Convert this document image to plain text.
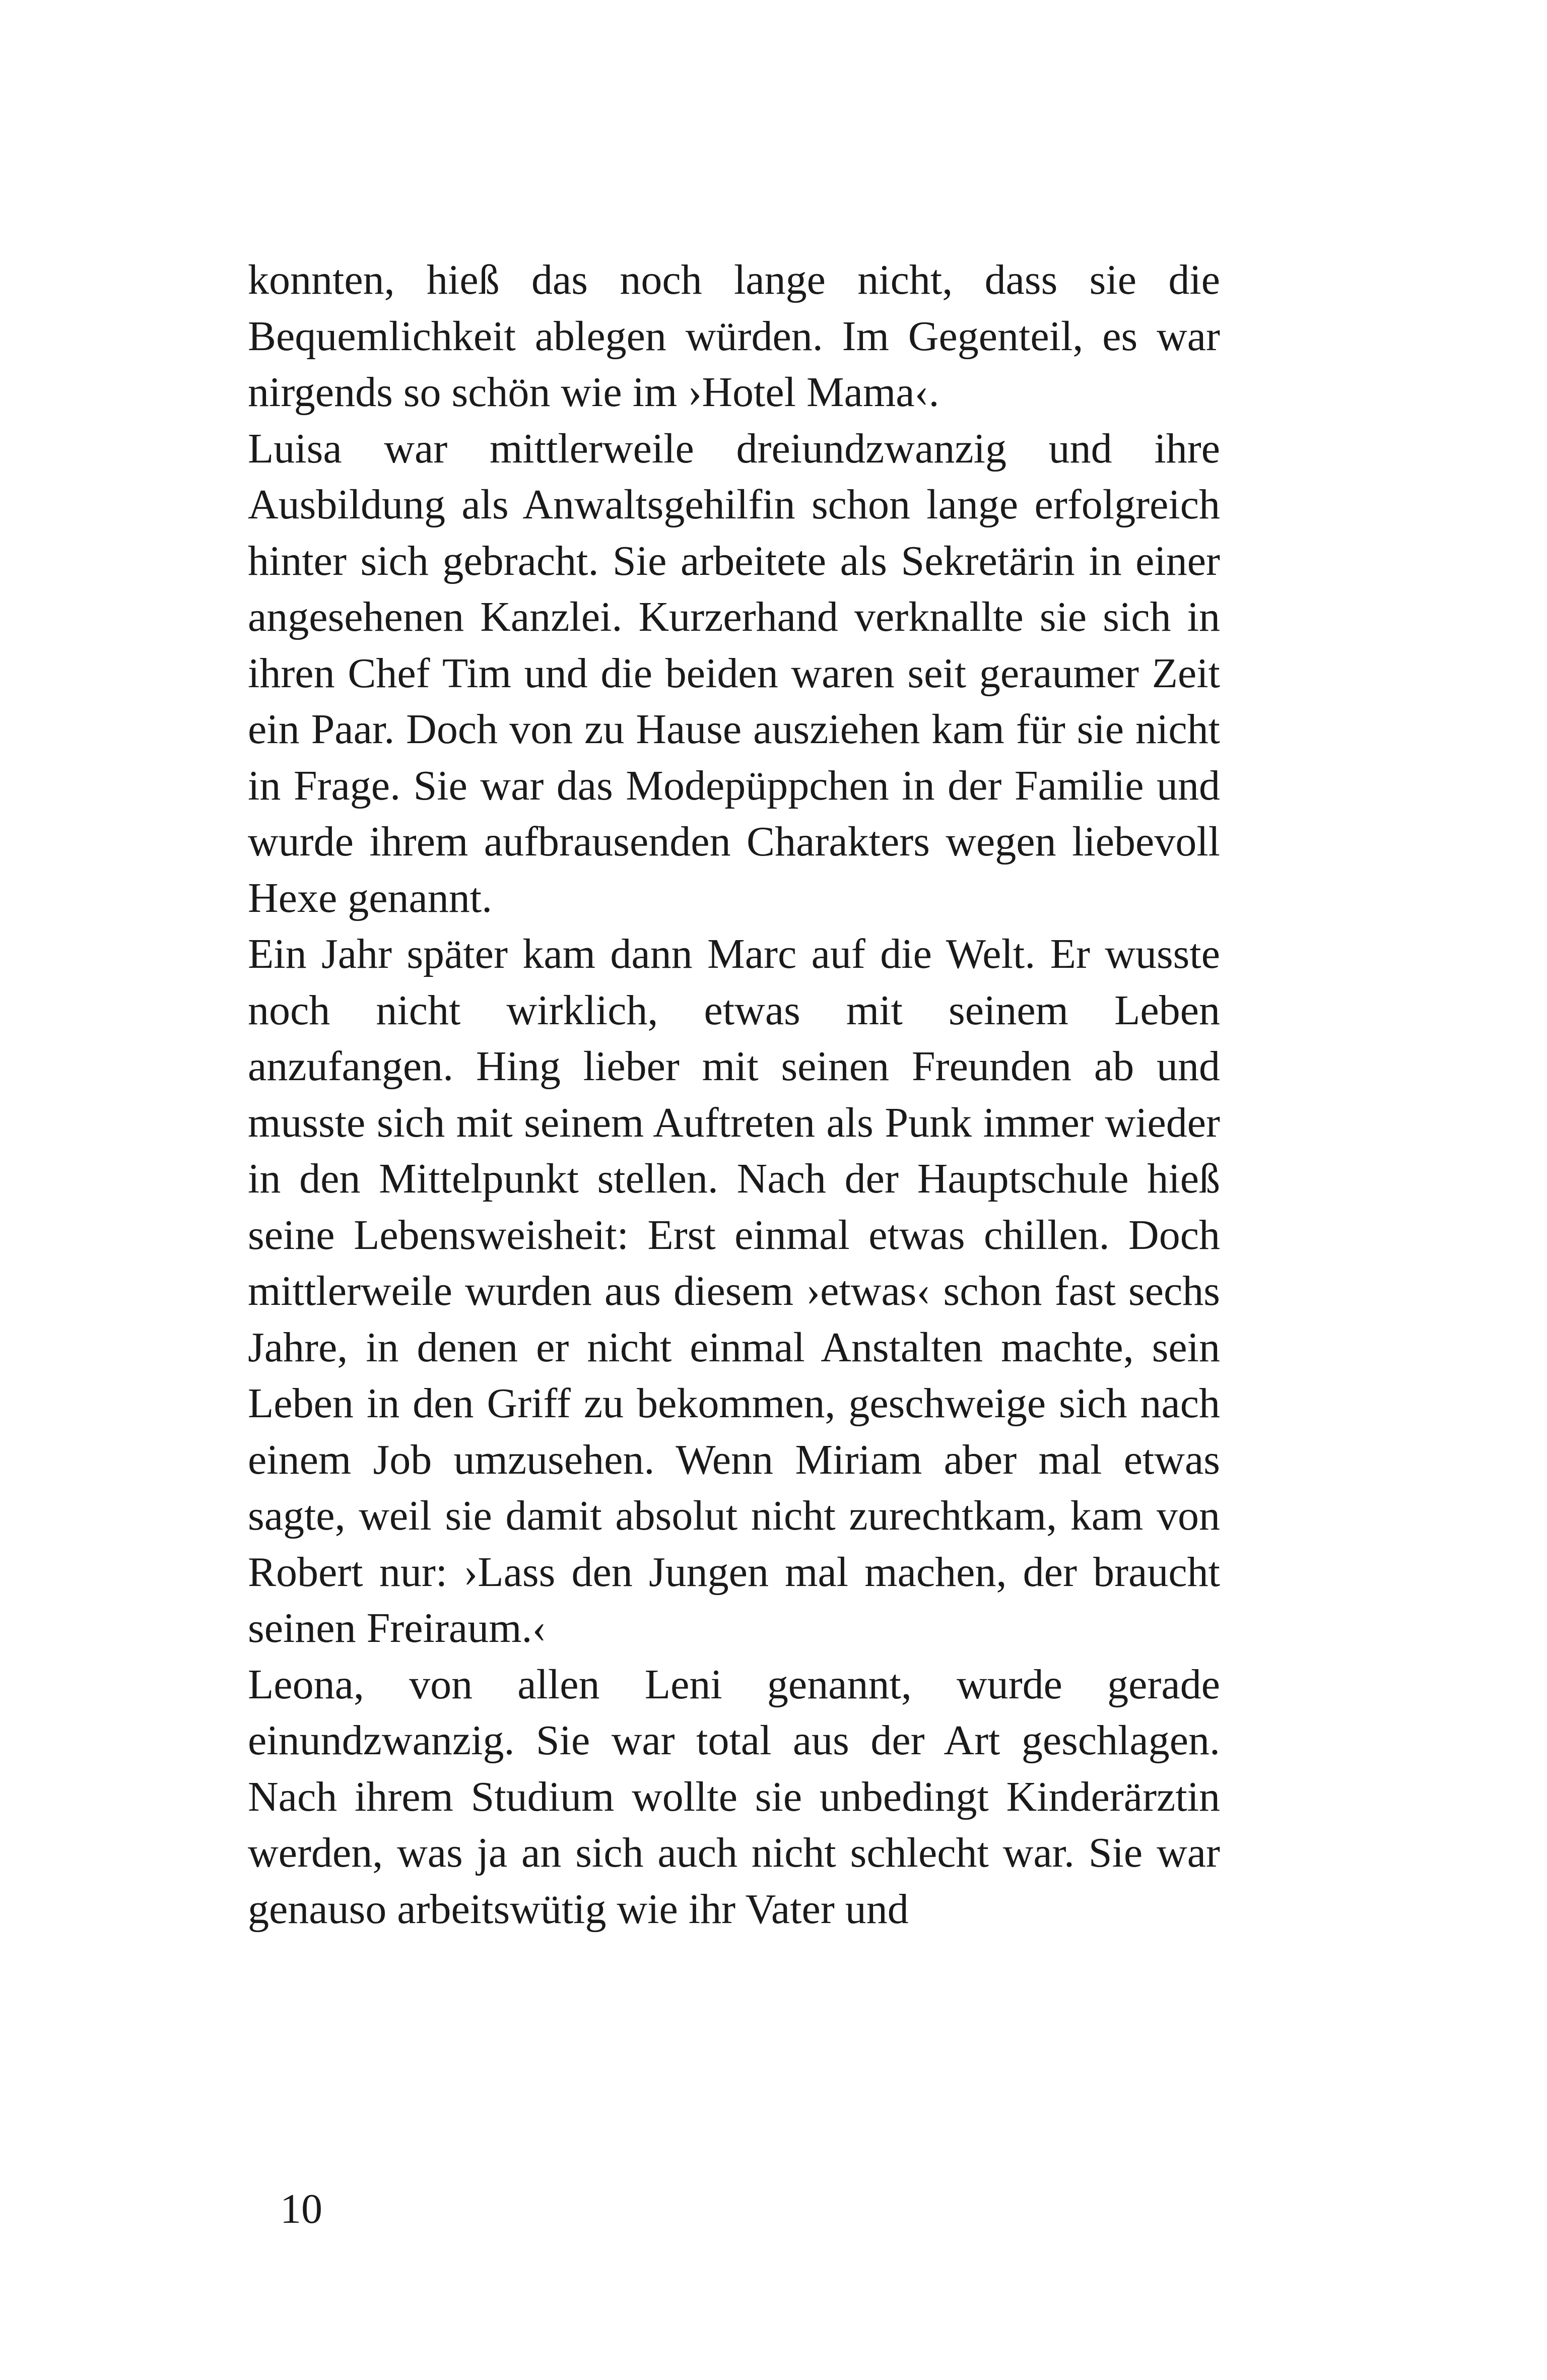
konnten, hieß das noch lange nicht, dass sie die Bequemlichkeit ablegen würden. Im Gegenteil, es war nirgends so schön wie im ›Hotel Mama‹.

Luisa war mittlerweile dreiundzwanzig und ihre Ausbildung als Anwaltsgehilfin schon lange erfolgreich hinter sich gebracht. Sie arbeitete als Sekretärin in einer angesehenen Kanzlei. Kurzerhand verknallte sie sich in ihren Chef Tim und die beiden waren seit geraumer Zeit ein Paar. Doch von zu Hause ausziehen kam für sie nicht in Frage. Sie war das Modepüppchen in der Familie und wurde ihrem aufbrausenden Charakters wegen liebevoll Hexe genannt.

Ein Jahr später kam dann Marc auf die Welt. Er wusste noch nicht wirklich, etwas mit seinem Leben anzufangen. Hing lieber mit seinen Freunden ab und musste sich mit seinem Auftreten als Punk immer wieder in den Mittelpunkt stellen. Nach der Hauptschule hieß seine Lebensweisheit: Erst einmal etwas chillen. Doch mittlerweile wurden aus diesem ›etwas‹ schon fast sechs Jahre, in denen er nicht einmal Anstalten machte, sein Leben in den Griff zu bekommen, geschweige sich nach einem Job umzusehen. Wenn Miriam aber mal etwas sagte, weil sie damit absolut nicht zurechtkam, kam von Robert nur: ›Lass den Jungen mal machen, der braucht seinen Freiraum.‹

Leona, von allen Leni genannt, wurde gerade einundzwanzig. Sie war total aus der Art geschlagen. Nach ihrem Studium wollte sie unbedingt Kinderärztin werden, was ja an sich auch nicht schlecht war. Sie war genauso arbeitswütig wie ihr Vater und

10
